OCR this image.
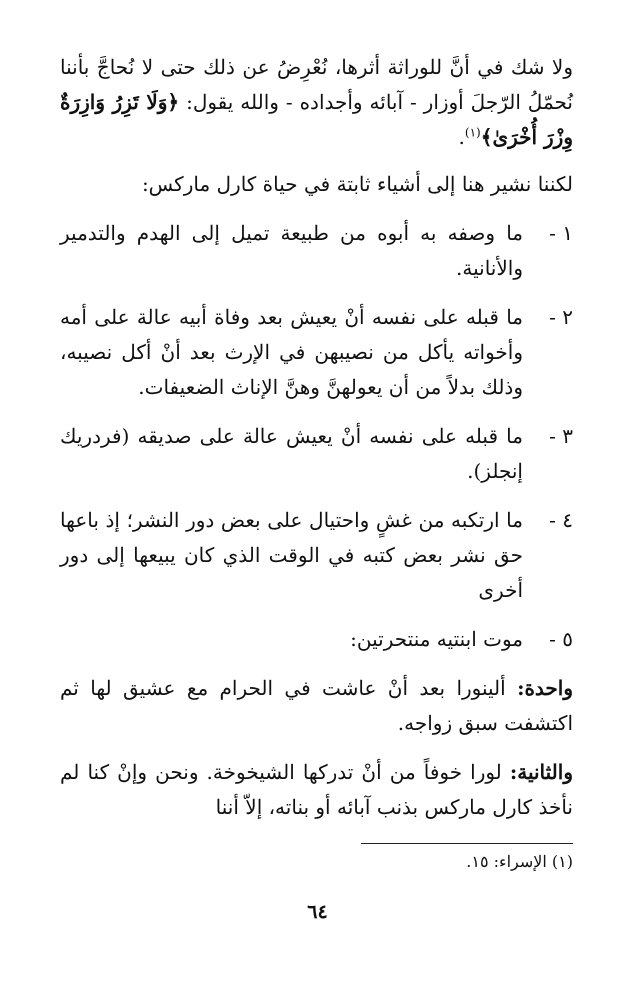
ولا شك في أنَّ للوراثة أثرها، نُعْرِضُ عن ذلك حتى لا نُحاجَّ بأننا نُحمّلُ الرّجلَ أوزار - آبائه وأجداده - والله يقول: ﴿وَلَا تَزِرُ وَازِرَةٌ وِزْرَ أُخْرَىٰ﴾$^{(١)}$.

لكننا نشير هنا إلى أشياء ثابتة في حياة كارل ماركس:

١ -
ما وصفه به أبوه من طبيعة تميل إلى الهدم والتدمير والأنانية.
٢ -
ما قبله على نفسه أنْ يعيش بعد وفاة أبيه عالة على أمه وأخواته يأكل من نصيبهن في الإرث بعد أنْ أكل نصيبه، وذلك بدلاً من أن يعولهنَّ وهنَّ الإناث الضعيفات.
٣ -
ما قبله على نفسه أنْ يعيش عالة على صديقه (فردريك إنجلز).
٤ -
ما ارتكبه من غشٍ واحتيال على بعض دور النشر؛ إذ باعها حق نشر بعض كتبه في الوقت الذي كان يبيعها إلى دور أخرى
٥ -
موت ابنتيه منتحرتين:

واحدة: ألينورا بعد أنْ عاشت في الحرام مع عشيق لها ثم اكتشفت سبق زواجه.

والثانية: لورا خوفاً من أنْ تدركها الشيخوخة. ونحن وإنْ كنا لم نأخذ كارل ماركس بذنب آبائه أو بناته، إلاّ أننا

(١) الإسراء: ١٥.
٦٤
